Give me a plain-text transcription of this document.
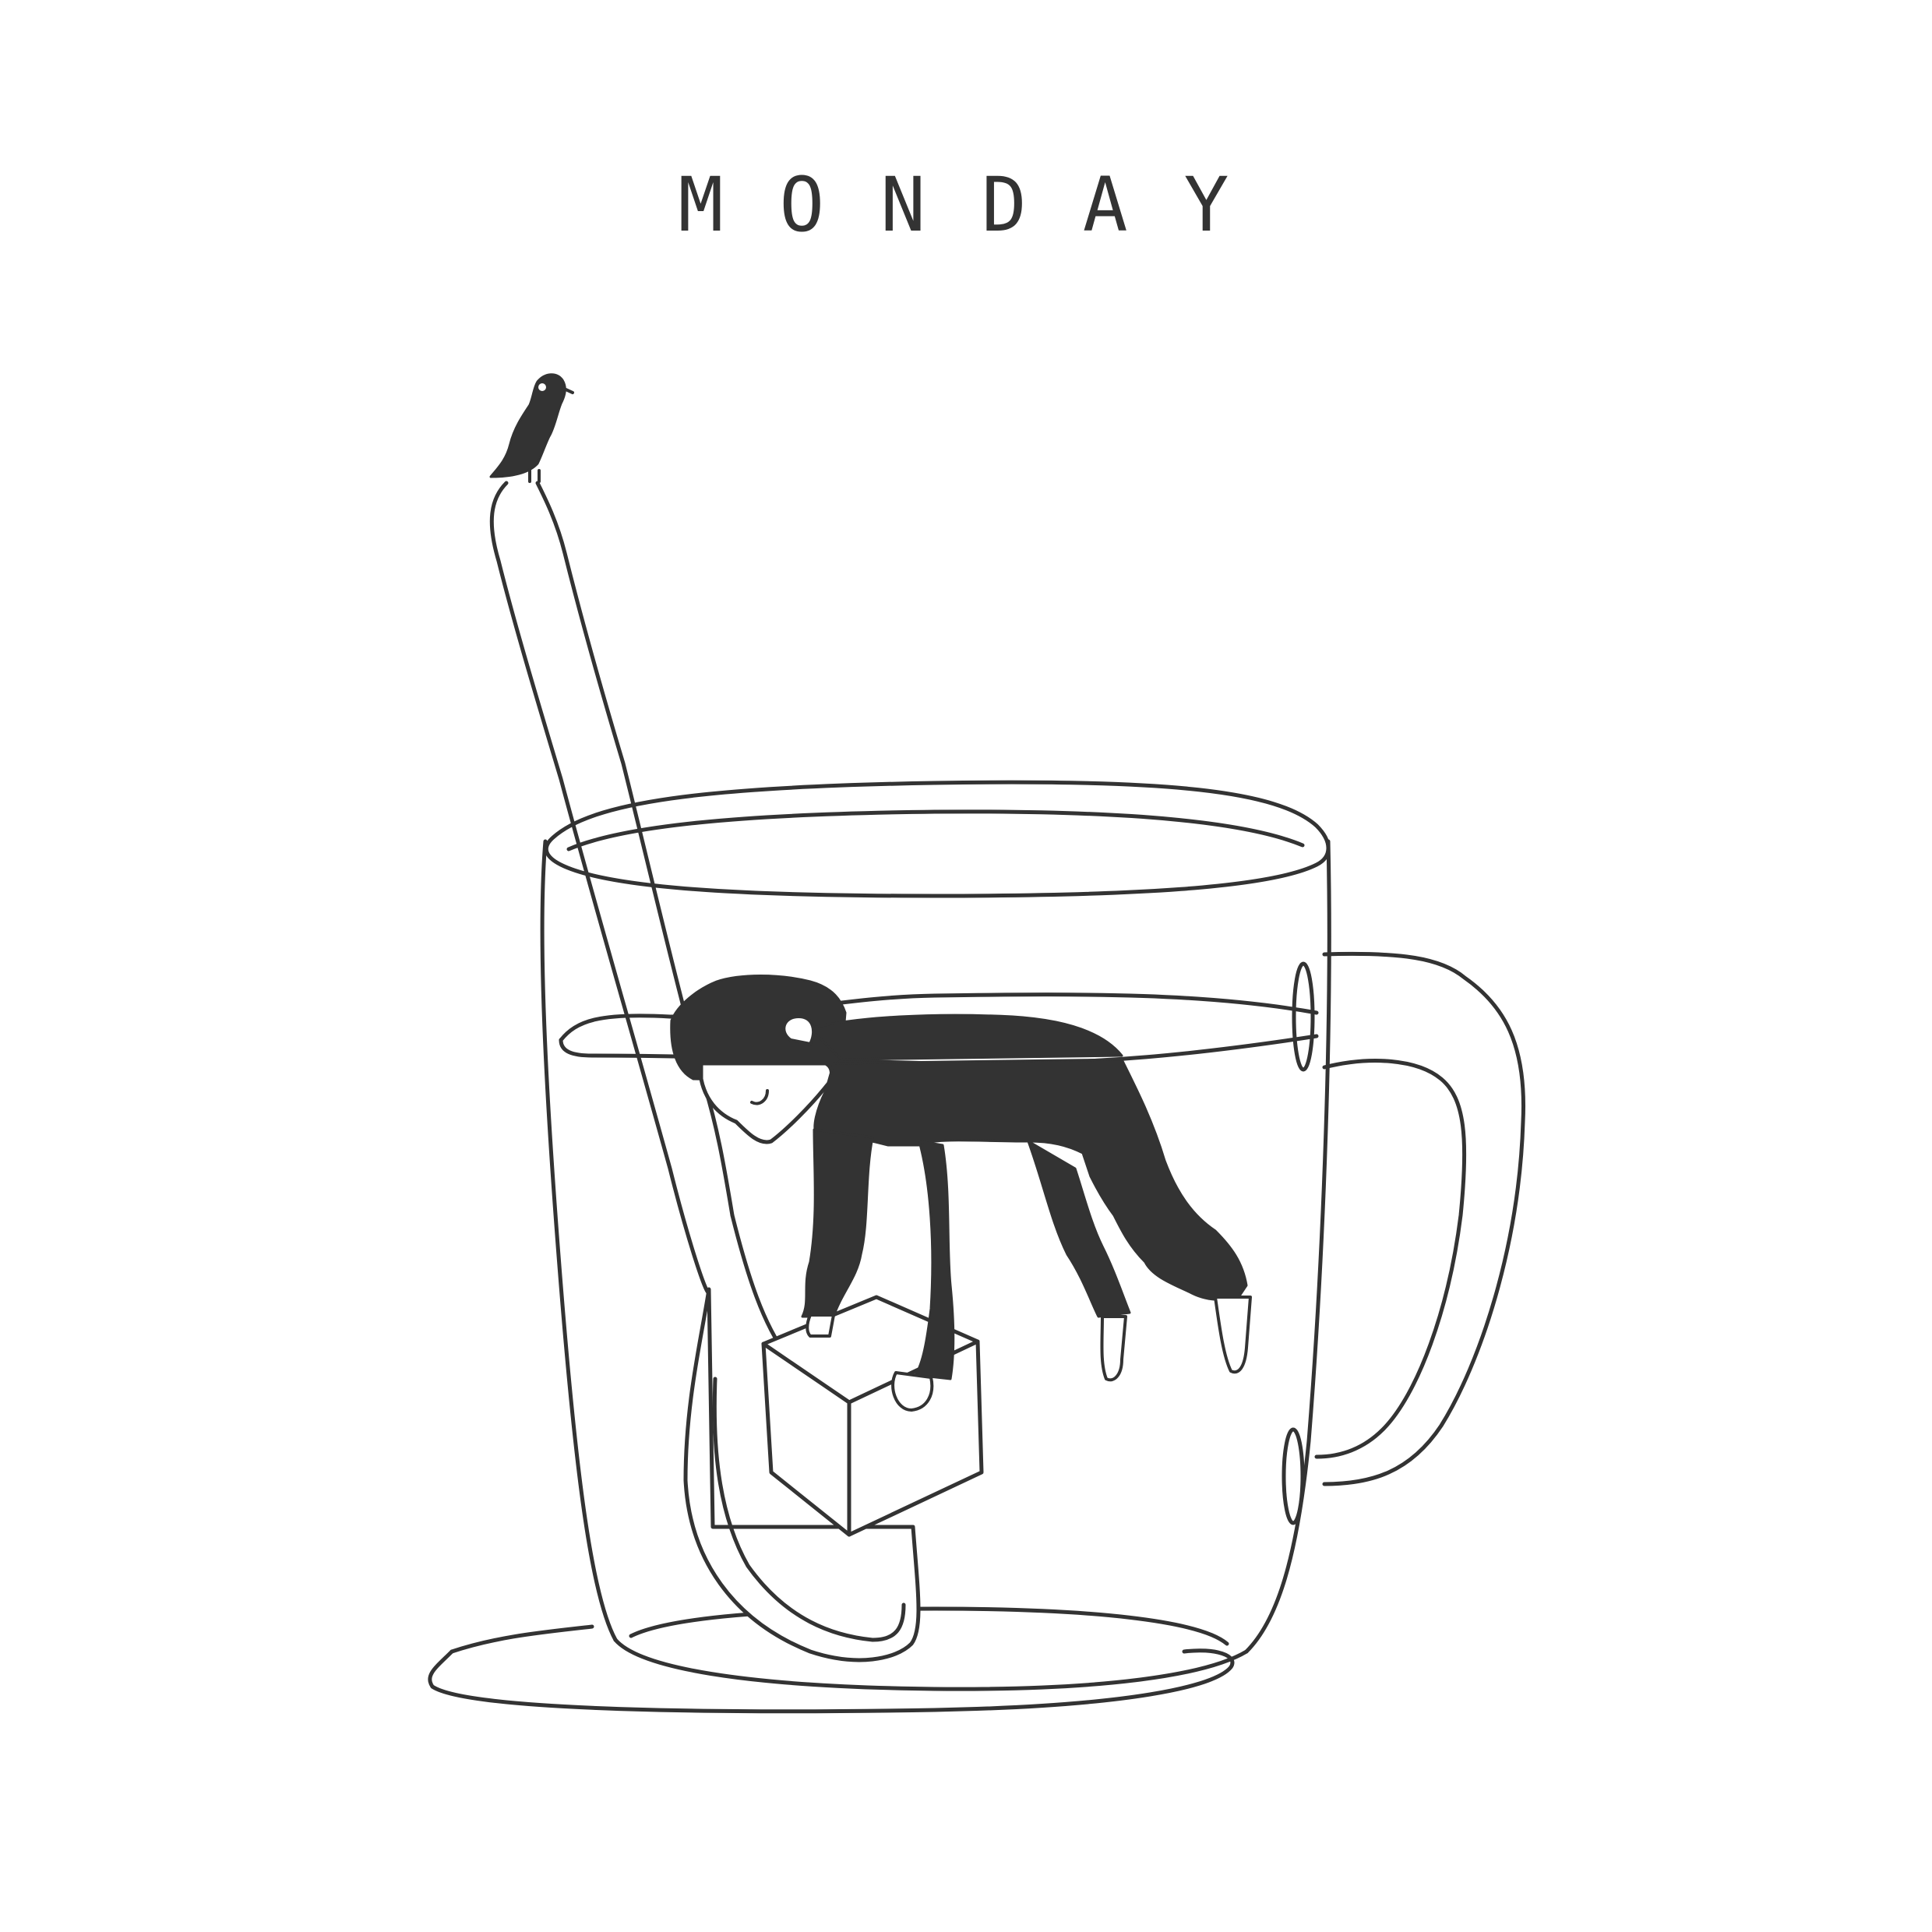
MONDAY
